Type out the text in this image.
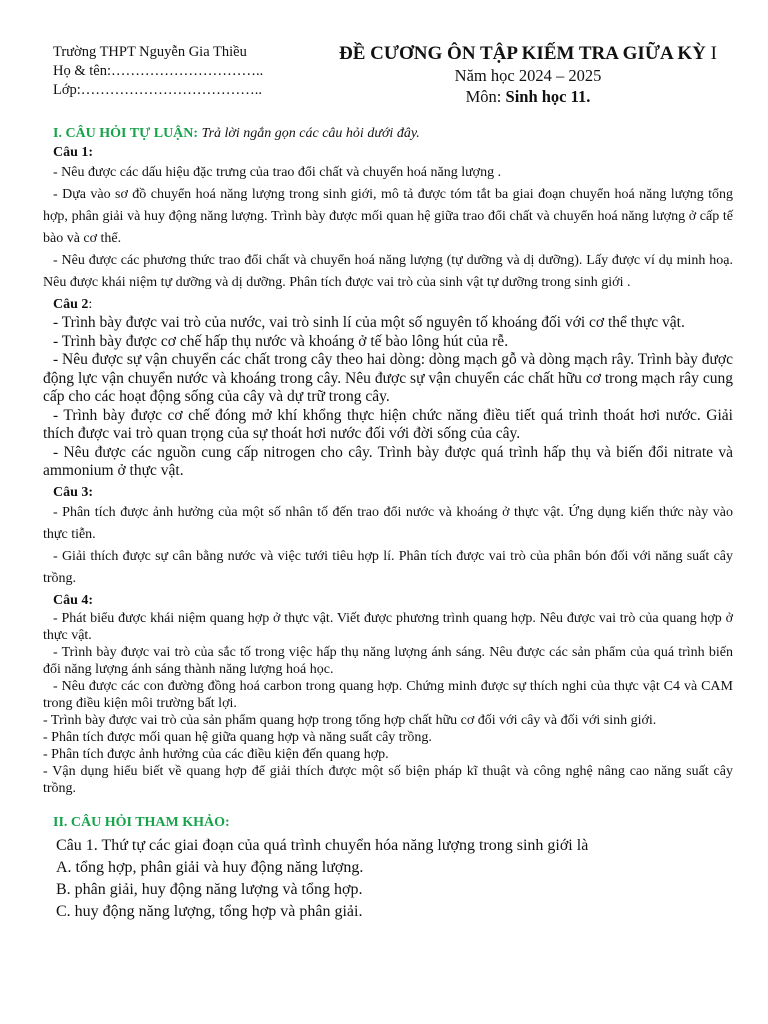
Trường THPT Nguyễn Gia Thiều
Họ & tên:…………………………..
Lớp:………………………………..
ĐỀ CƯƠNG ÔN TẬP KIẾM TRA GIỮA KỲ I
Năm học 2024 – 2025
Môn: Sinh học 11.
I. CÂU HỎI TỰ LUẬN: Trả lời ngắn gọn các câu hỏi dưới đây.
Câu 1:

- Nêu được các dấu hiệu đặc trưng của trao đổi chất và chuyển hoá năng lượng .

- Dựa vào sơ đồ chuyển hoá năng lượng trong sinh giới, mô tả được tóm tắt ba giai đoạn chuyển hoá năng lượng tổng hợp, phân giải và huy động năng lượng. Trình bày được mối quan hệ giữa trao đổi chất và chuyển hoá năng lượng ở cấp tế bào và cơ thể.

- Nêu được các phương thức trao đổi chất và chuyển hoá năng lượng (tự dưỡng và dị dưỡng). Lấy được ví dụ minh hoạ. Nêu được khái niệm tự dưỡng và dị dưỡng. Phân tích được vai trò của sinh vật tự dưỡng trong sinh giới .

Câu 2:

- Trình bày được vai trò của nước, vai trò sinh lí của một số nguyên tố khoáng đối với cơ thể thực vật.

- Trình bày được cơ chế hấp thụ nước và khoáng ở tế bào lông hút của rễ.

- Nêu được sự vận chuyển các chất trong cây theo hai dòng: dòng mạch gỗ và dòng mạch rây. Trình bày được động lực vận chuyển nước và khoáng trong cây. Nêu được sự vận chuyển các chất hữu cơ trong mạch rây cung cấp cho các hoạt động sống của cây và dự trữ trong cây.

- Trình bày được cơ chế đóng mở khí khổng thực hiện chức năng điều tiết quá trình thoát hơi nước. Giải thích được vai trò quan trọng của sự thoát hơi nước đối với đời sống của cây.

- Nêu được các nguồn cung cấp nitrogen cho cây. Trình bày được quá trình hấp thụ và biến đổi nitrate và ammonium ở thực vật.

Câu 3:

- Phân tích được ảnh hưởng của một số nhân tố đến trao đổi nước và khoáng ở thực vật. Ứng dụng kiến thức này vào thực tiễn.

- Giải thích được sự cân bằng nước và việc tưới tiêu hợp lí. Phân tích được vai trò của phân bón đối với năng suất cây trồng.

Câu 4:

- Phát biểu được khái niệm quang hợp ở thực vật. Viết được phương trình quang hợp. Nêu được vai trò của quang hợp ở thực vật.

- Trình bày được vai trò của sắc tố trong việc hấp thụ năng lượng ánh sáng. Nêu được các sản phẩm của quá trình biến đổi năng lượng ánh sáng thành năng lượng hoá học.

- Nêu được các con đường đồng hoá carbon trong quang hợp. Chứng minh được sự thích nghi của thực vật C4 và CAM trong điều kiện môi trường bất lợi.

- Trình bày được vai trò của sản phẩm quang hợp trong tổng hợp chất hữu cơ đối với cây và đối với sinh giới.

- Phân tích được mối quan hệ giữa quang hợp và năng suất cây trồng.

- Phân tích được ảnh hưởng của các điều kiện đến quang hợp.

- Vận dụng hiểu biết về quang hợp để giải thích được một số biện pháp kĩ thuật và công nghệ nâng cao năng suất cây trồng.

II. CÂU HỎI THAM KHẢO:
Câu 1. Thứ tự các giai đoạn của quá trình chuyển hóa năng lượng trong sinh giới là
A. tổng hợp, phân giải và huy động năng lượng.
B. phân giải, huy động năng lượng và tổng hợp.
C. huy động năng lượng, tổng hợp và phân giải.
